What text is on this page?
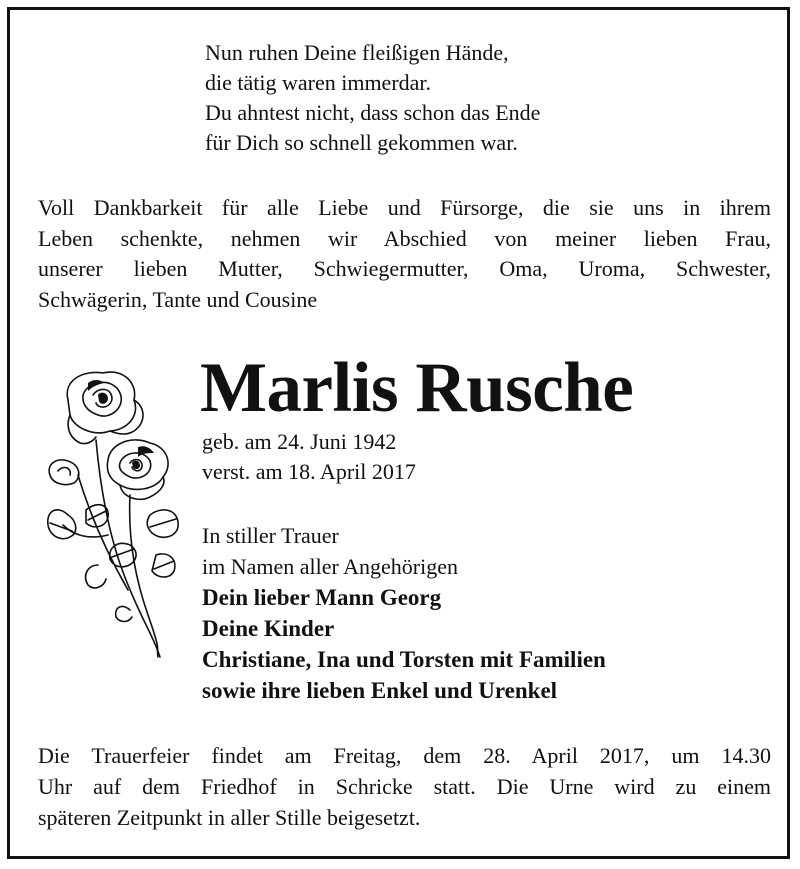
Nun ruhen Deine fleißigen Hände,
die tätig waren immerdar.
Du ahntest nicht, dass schon das Ende
für Dich so schnell gekommen war.
Voll Dankbarkeit für alle Liebe und Fürsorge, die sie uns in ihrem
Leben schenkte, nehmen wir Abschied von meiner lieben Frau,
unserer lieben Mutter, Schwiegermutter, Oma, Uroma, Schwester,
Schwägerin, Tante und Cousine
Marlis Rusche
geb. am 24. Juni 1942
verst. am 18. April 2017
In stiller Trauer
im Namen aller Angehörigen
Dein lieber Mann Georg
Deine Kinder
Christiane, Ina und Torsten mit Familien
sowie ihre lieben Enkel und Urenkel
Die Trauerfeier findet am Freitag, dem 28. April 2017, um 14.30
Uhr auf dem Friedhof in Schricke statt. Die Urne wird zu einem
späteren Zeitpunkt in aller Stille beigesetzt.
